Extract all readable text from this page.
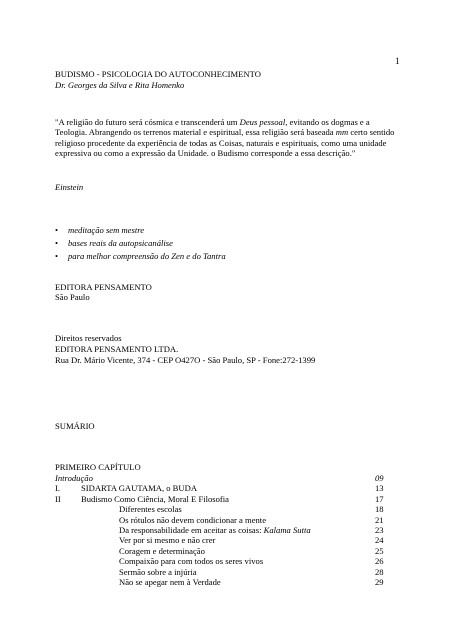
1
BUDISMO - PSICOLOGIA DO AUTOCONHECIMENTO
Dr. Georges da Silva e Rita Homenko
"A religião do futuro será cósmica e transcenderá um Deus pessoal, evitando os dogmas e a Teologia. Abrangendo os terrenos material e espiritual, essa religião será baseada mm certo sentido religioso procedente da experiência de todas as Coisas, naturais e espirituais, como uma unidade expressiva ou como a expressão da Unidade. o Budismo corresponde a essa descrição."
Einstein
• meditação sem mestre
• bases reais da autopsicanálise
• para melhor compreensão do Zen e do Tantra
EDITORA PENSAMENTO
São Paulo
Direitos reservados
EDITORA PENSAMENTO LTDA.
Rua Dr. Mário Vicente, 374 - CEP O427O - São Paulo, SP - Fone:272-1399
SUMÁRIO
PRIMEIRO CAPÍTULO
Introdução	09
I. SIDARTA GAUTAMA, o BUDA	13
II Budismo Como Ciência, Moral E Filosofia	17
Diferentes escolas	18
Os rótulos não devem condicionar a mente	21
Da responsabilidade em aceitar as coisas: Kalama Sutta	23
Ver por si mesmo e não crer	24
Coragem e determinação	25
Compaixão para com todos os seres vivos	26
Sermão sobre a injúria	28
Não se apegar nem à Verdade	29
